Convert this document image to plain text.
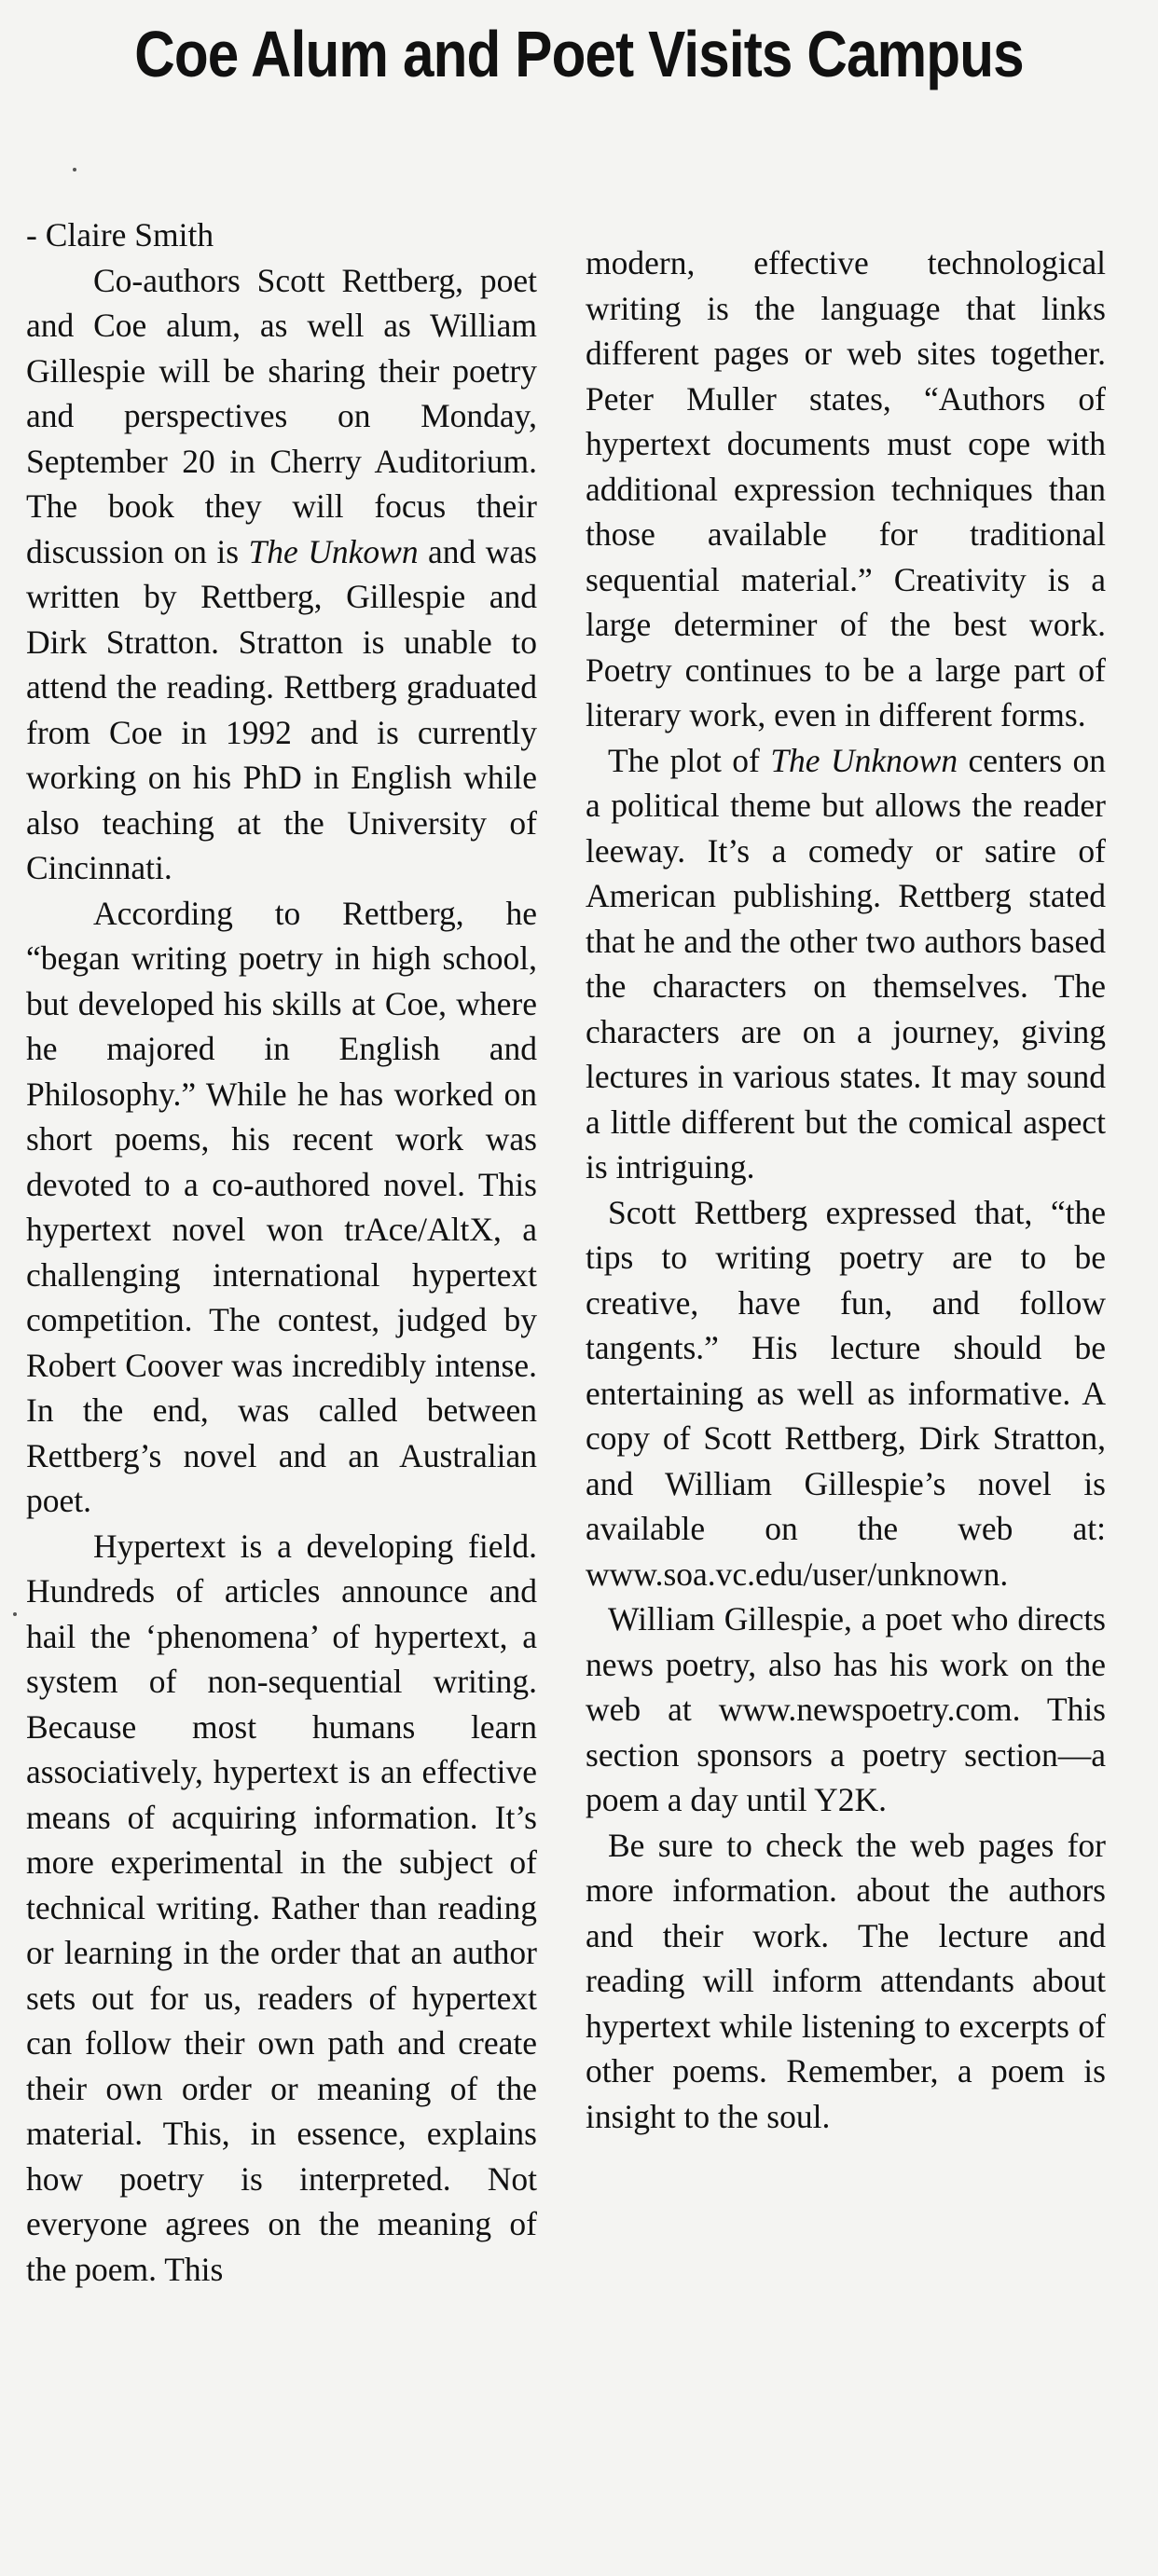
Coe Alum and Poet Visits Campus

- Claire Smith

Co-authors Scott Rettberg, poet and Coe alum, as well as William Gillespie will be sharing their poetry and perspectives on Monday, September 20 in Cherry Auditorium. The book they will focus their discussion on is The Unkown and was written by Rettberg, Gillespie and Dirk Stratton. Stratton is unable to attend the reading. Rettberg graduated from Coe in 1992 and is currently working on his PhD in English while also teaching at the University of Cincinnati.

According to Rettberg, he “began writing poetry in high school, but developed his skills at Coe, where he majored in English and Philosophy.” While he has worked on short poems, his recent work was devoted to a co-authored novel. This hypertext novel won trAce/AltX, a challenging international hypertext competition. The contest, judged by Robert Coover was incredibly intense. In the end, was called between Rettberg’s novel and an Australian poet.

Hypertext is a developing field. Hundreds of articles announce and hail the ‘phenomena’ of hypertext, a system of non-sequential writing. Because most humans learn associatively, hypertext is an effective means of acquiring information. It’s more experimental in the subject of technical writing. Rather than reading or learning in the order that an author sets out for us, readers of hypertext can follow their own path and create their own order or meaning of the material. This, in essence, explains how poetry is interpreted. Not everyone agrees on the meaning of the poem. This

modern, effective technological writing is the language that links different pages or web sites together. Peter Muller states, “Authors of hypertext documents must cope with additional expression techniques than those available for traditional sequential material.” Creativity is a large determiner of the best work. Poetry continues to be a large part of literary work, even in different forms.

The plot of The Unknown centers on a political theme but allows the reader leeway. It’s a comedy or satire of American publishing. Rettberg stated that he and the other two authors based the characters on themselves. The characters are on a journey, giving lectures in various states. It may sound a little different but the comical aspect is intriguing.

Scott Rettberg expressed that, “the tips to writing poetry are to be creative, have fun, and follow tangents.” His lecture should be entertaining as well as informative. A copy of Scott Rettberg, Dirk Stratton, and William Gillespie’s novel is available on the web at: www.soa.vc.edu/user/unknown.

William Gillespie, a poet who directs news poetry, also has his work on the web at www.newspoetry.com. This section sponsors a poetry section—a poem a day until Y2K.

Be sure to check the web pages for more information. about the authors and their work. The lecture and reading will inform attendants about hypertext while listening to excerpts of other poems. Remember, a poem is insight to the soul.
